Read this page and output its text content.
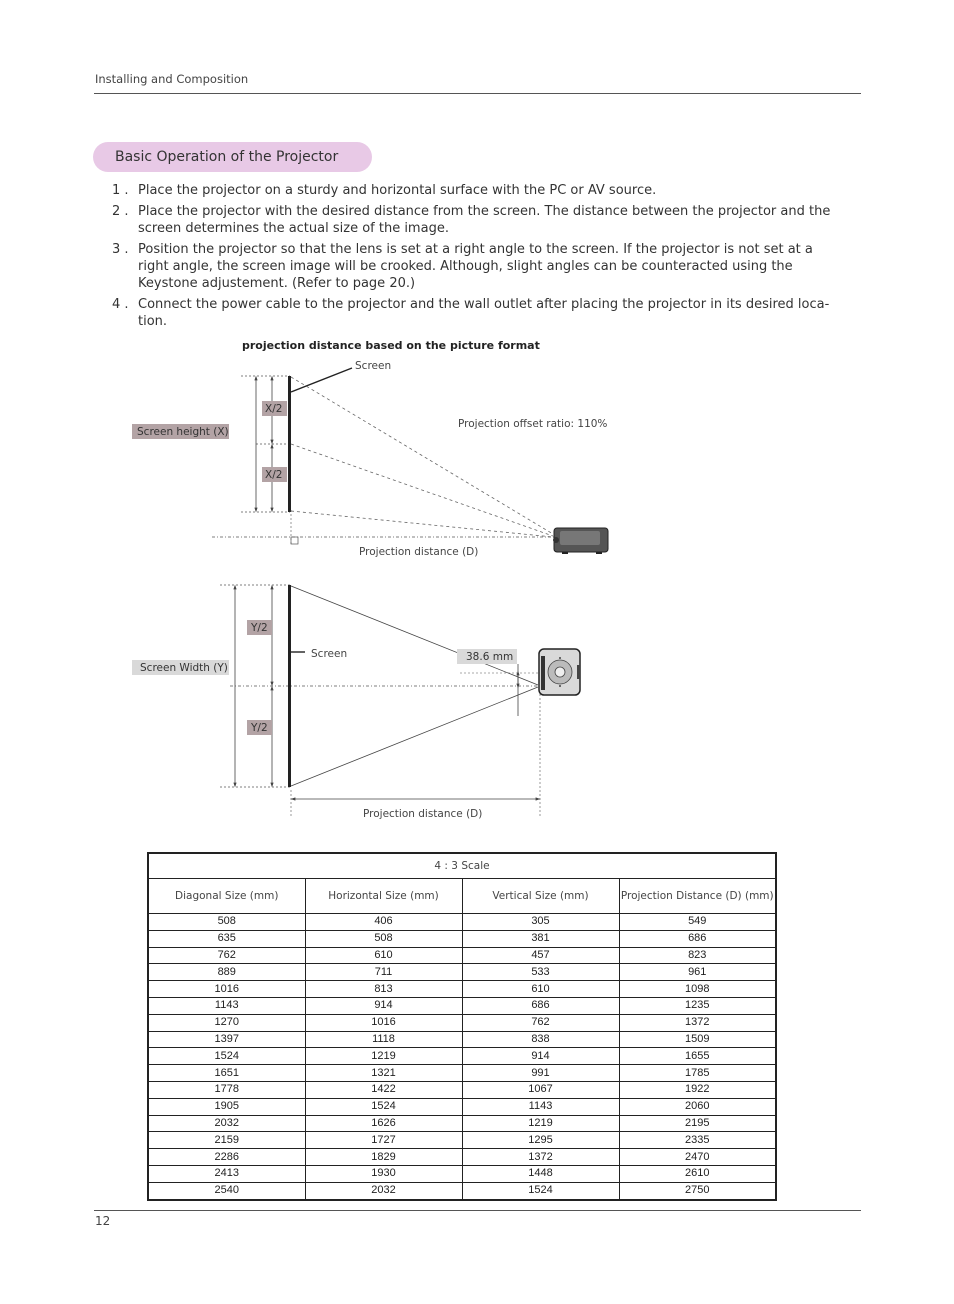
Installing and Composition
Basic Operation of the Projector
1 . Place the projector on a sturdy and horizontal surface with the PC or AV source.
2 . Place the projector with the desired distance from the screen. The distance between the projector and the screen determines the actual size of the image.
3 . Position the projector so that the lens is set at a right angle to the screen. If the projector is not set at a right angle, the screen image will be crooked. Although, slight angles can be counteracted using the Keystone adjustement. (Refer to page 20.)
4 . Connect the power cable to the projector and the wall outlet after placing the projector in its desired loca-tion.
projection distance based on the picture format
Screen
Screen height (X)
X/2
X/2
Projection offset ratio: 110%
Projection distance (D)
Screen
Screen Width (Y)
Y/2
Y/2
38.6 mm
Projection distance (D)
4 : 3 Scale			
Diagonal Size (mm)	Horizontal Size (mm)	Vertical Size (mm)	Projection Distance (D) (mm)
508	406	305	549
635	508	381	686
762	610	457	823
889	711	533	961
1016	813	610	1098
1143	914	686	1235
1270	1016	762	1372
1397	1118	838	1509
1524	1219	914	1655
1651	1321	991	1785
1778	1422	1067	1922
1905	1524	1143	2060
2032	1626	1219	2195
2159	1727	1295	2335
2286	1829	1372	2470
2413	1930	1448	2610
2540	2032	1524	2750
12
